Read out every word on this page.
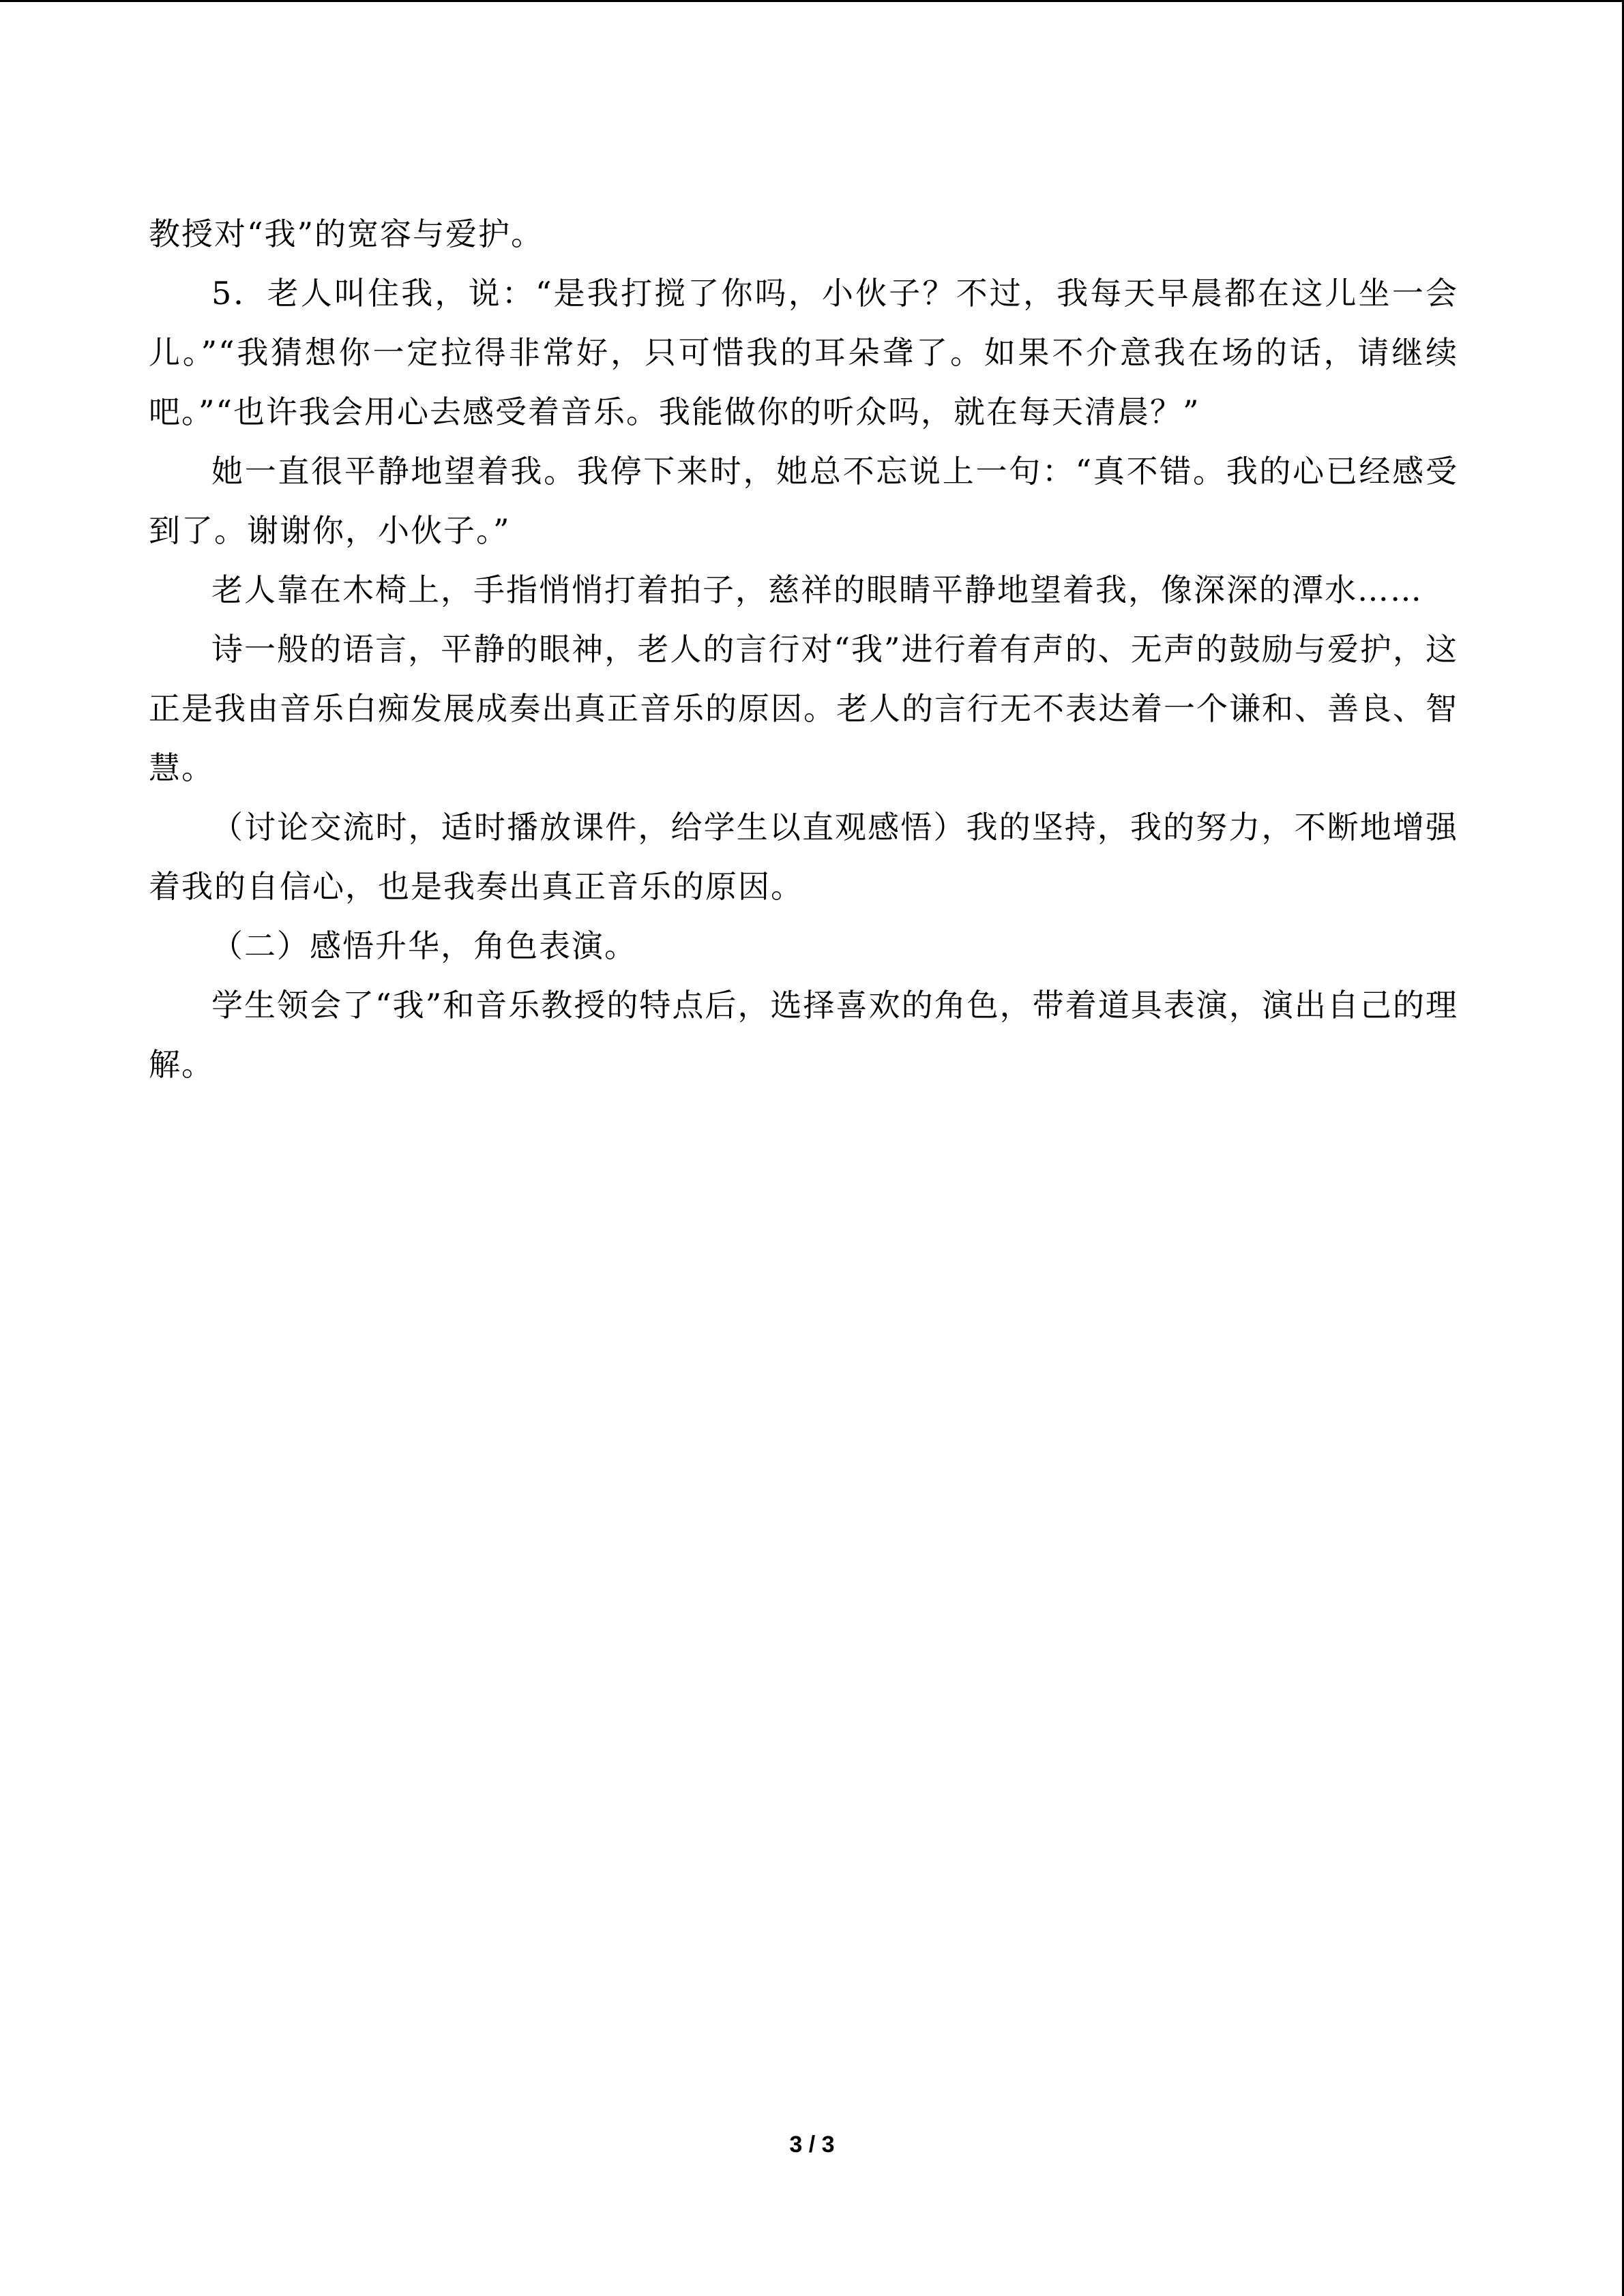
教授对“我”的宽容与爱护。

5．老人叫住我，说：“是我打搅了你吗，小伙子？不过，我每天早晨都在这儿坐一会儿。”“我猜想你一定拉得非常好，只可惜我的耳朵聋了。如果不介意我在场的话，请继续吧。”“也许我会用心去感受着音乐。我能做你的听众吗，就在每天清晨？”

她一直很平静地望着我。我停下来时，她总不忘说上一句：“真不错。我的心已经感受到了。谢谢你，小伙子。”

老人靠在木椅上，手指悄悄打着拍子，慈祥的眼睛平静地望着我，像深深的潭水……

诗一般的语言，平静的眼神，老人的言行对“我”进行着有声的、无声的鼓励与爱护，这正是我由音乐白痴发展成奏出真正音乐的原因。老人的言行无不表达着一个谦和、善良、智慧。

（讨论交流时，适时播放课件，给学生以直观感悟）我的坚持，我的努力，不断地增强着我的自信心，也是我奏出真正音乐的原因。

（二）感悟升华，角色表演。

学生领会了“我”和音乐教授的特点后，选择喜欢的角色，带着道具表演，演出自己的理解。

3 / 3
